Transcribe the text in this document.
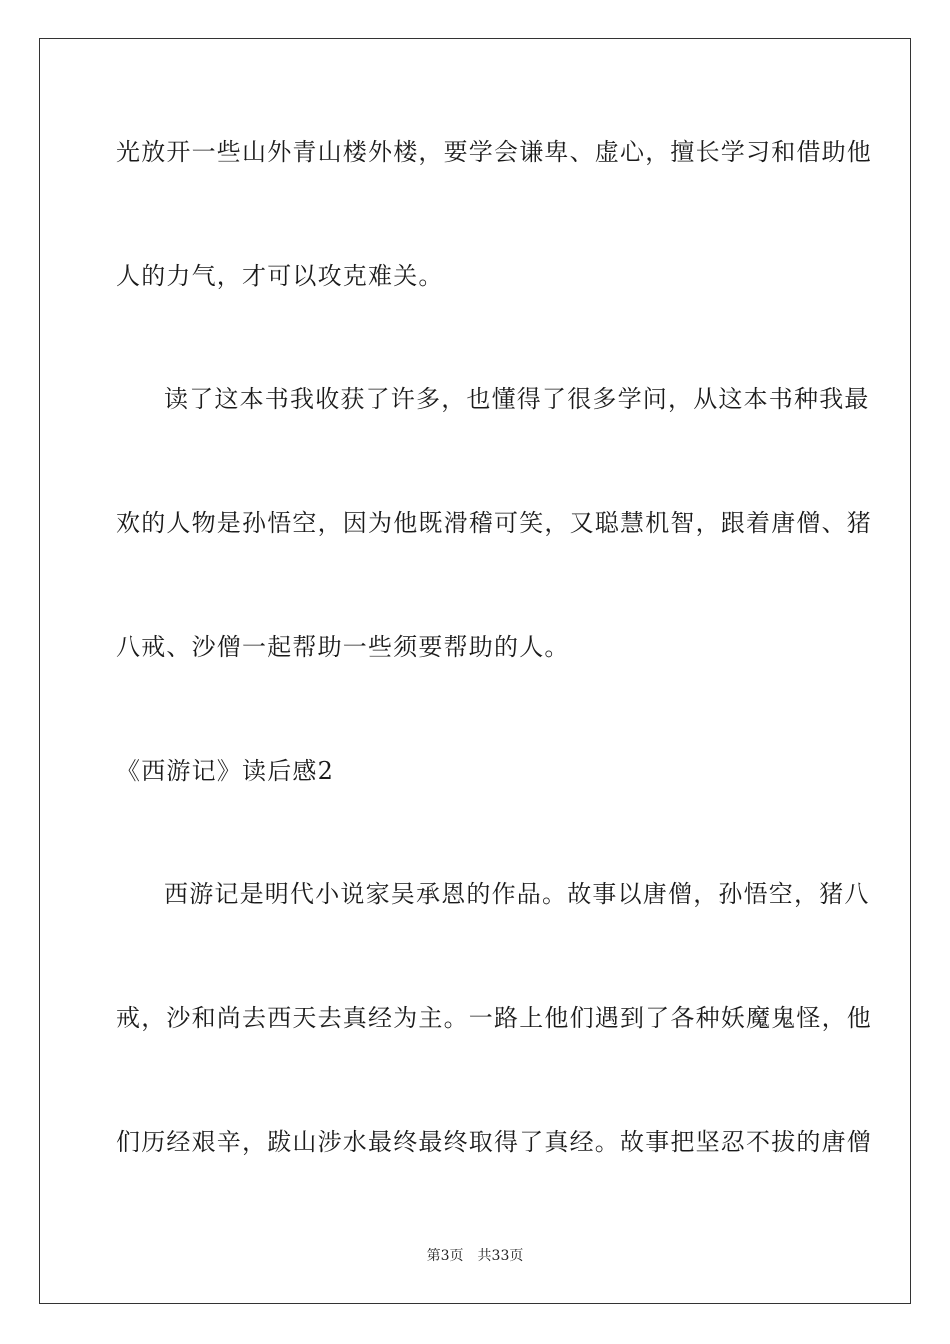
光放开一些山外青山楼外楼，要学会谦卑、虚心，擅长学习和借助他
人的力气，才可以攻克难关。
读了这本书我收获了许多，也懂得了很多学问，从这本书种我最
欢的人物是孙悟空，因为他既滑稽可笑，又聪慧机智，跟着唐僧、猪
八戒、沙僧一起帮助一些须要帮助的人。
《西游记》读后感2
西游记是明代小说家吴承恩的作品。故事以唐僧，孙悟空，猪八
戒，沙和尚去西天去真经为主。一路上他们遇到了各种妖魔鬼怪，他
们历经艰辛，跋山涉水最终最终取得了真经。故事把坚忍不拔的唐僧
第3页 共33页
